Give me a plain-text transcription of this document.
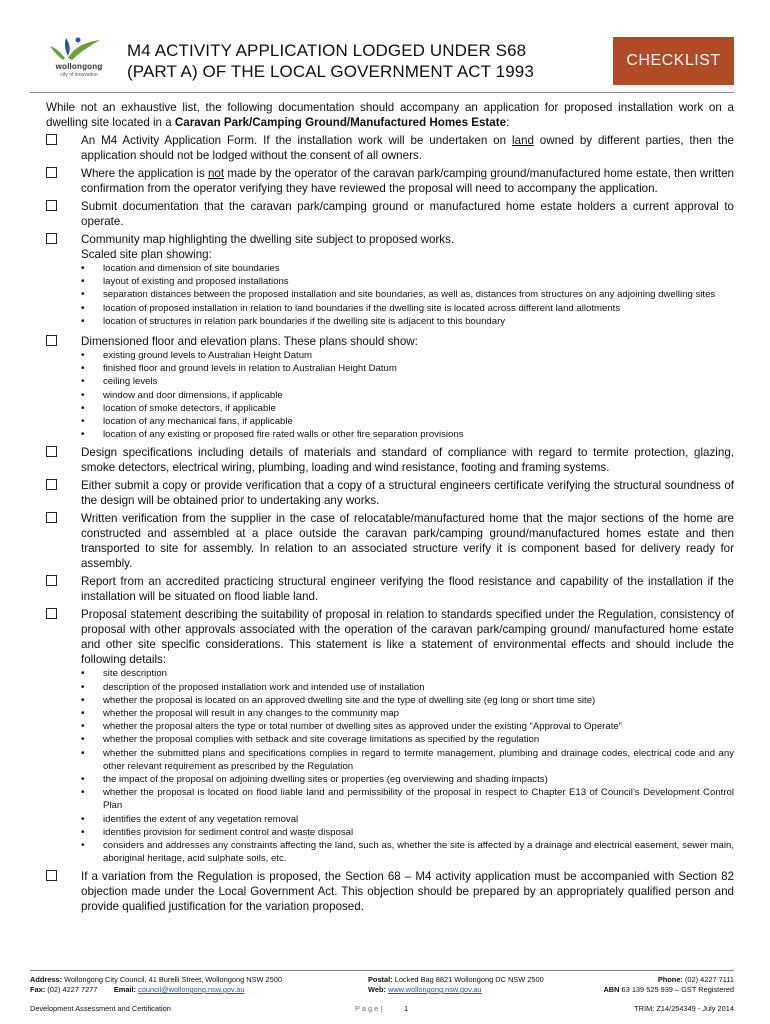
wollongong
city of innovation
M4 ACTIVITY APPLICATION LODGED UNDER S68
(PART A) OF THE LOCAL GOVERNMENT ACT 1993
CHECKLIST

While not an exhaustive list, the following documentation should accompany an application for proposed installation work on a dwelling site located in a Caravan Park/Camping Ground/Manufactured Homes Estate:

An M4 Activity Application Form. If the installation work will be undertaken on land owned by different parties, then the application should not be lodged without the consent of all owners.
Where the application is not made by the operator of the caravan park/camping ground/manufactured home estate, then written confirmation from the operator verifying they have reviewed the proposal will need to accompany the application.
Submit documentation that the caravan park/camping ground or manufactured home estate holders a current approval to operate.
Community map highlighting the dwelling site subject to proposed works.
Scaled site plan showing:
• location and dimension of site boundaries
• layout of existing and proposed installations
• separation distances between the proposed installation and site boundaries, as well as, distances from structures on any adjoining dwelling sites
• location of proposed installation in relation to land boundaries if the dwelling site is located across different land allotments
• location of structures in relation park boundaries if the dwelling site is adjacent to this boundary
Dimensioned floor and elevation plans. These plans should show:
• existing ground levels to Australian Height Datum
• finished floor and ground levels in relation to Australian Height Datum
• ceiling levels
• window and door dimensions, if applicable
• location of smoke detectors, if applicable
• location of any mechanical fans, if applicable
• location of any existing or proposed fire rated walls or other fire separation provisions
Design specifications including details of materials and standard of compliance with regard to termite protection, glazing, smoke detectors, electrical wiring, plumbing, loading and wind resistance, footing and framing systems.
Either submit a copy or provide verification that a copy of a structural engineers certificate verifying the structural soundness of the design will be obtained prior to undertaking any works.
Written verification from the supplier in the case of relocatable/manufactured home that the major sections of the home are constructed and assembled at a place outside the caravan park/camping ground/manufactured homes estate and then transported to site for assembly. In relation to an associated structure verify it is component based for delivery ready for assembly.
Report from an accredited practicing structural engineer verifying the flood resistance and capability of the installation if the installation will be situated on flood liable land.
Proposal statement describing the suitability of proposal in relation to standards specified under the Regulation, consistency of proposal with other approvals associated with the operation of the caravan park/camping ground/ manufactured home estate and other site specific considerations. This statement is like a statement of environmental effects and should include the following details:
• site description
• description of the proposed installation work and intended use of installation
• whether the proposal is located on an approved dwelling site and the type of dwelling site (eg long or short time site)
• whether the proposal will result in any changes to the community map
• whether the proposal alters the type or total number of dwelling sites as approved under the existing “Approval to Operate”
• whether the proposal complies with setback and site coverage limitations as specified by the regulation
• whether the submitted plans and specifications complies in regard to termite management, plumbing and drainage codes, electrical code and any other relevant requirement as prescribed by the Regulation
• the impact of the proposal on adjoining dwelling sites or properties (eg overviewing and shading impacts)
• whether the proposal is located on flood liable land and permissibility of the proposal in respect to Chapter E13 of Council’s Development Control Plan
• identifies the extent of any vegetation removal
• identifies provision for sediment control and waste disposal
• considers and addresses any constraints affecting the land, such as, whether the site is affected by a drainage and electrical easement, sewer main, aboriginal heritage, acid sulphate soils, etc.
If a variation from the Regulation is proposed, the Section 68 – M4 activity application must be accompanied with Section 82 objection made under the Local Government Act. This objection should be prepared by an appropriately qualified person and provide qualified justification for the variation proposed.
Address: Wollongong City Council, 41 Burelli Street, Wollongong NSW 2500
Fax: (02) 4227 7277 Email: council@wollongong.nsw.gov.au
Postal: Locked Bag 8821 Wollongong DC NSW 2500
Web: www.wollongong.nsw.gov.au
Phone: (02) 4227 7111
ABN 63 139 525 939 – GST Registered
Development Assessment and Certification	P a g e |	1	TRIM: Z14/254349 - July 2014
